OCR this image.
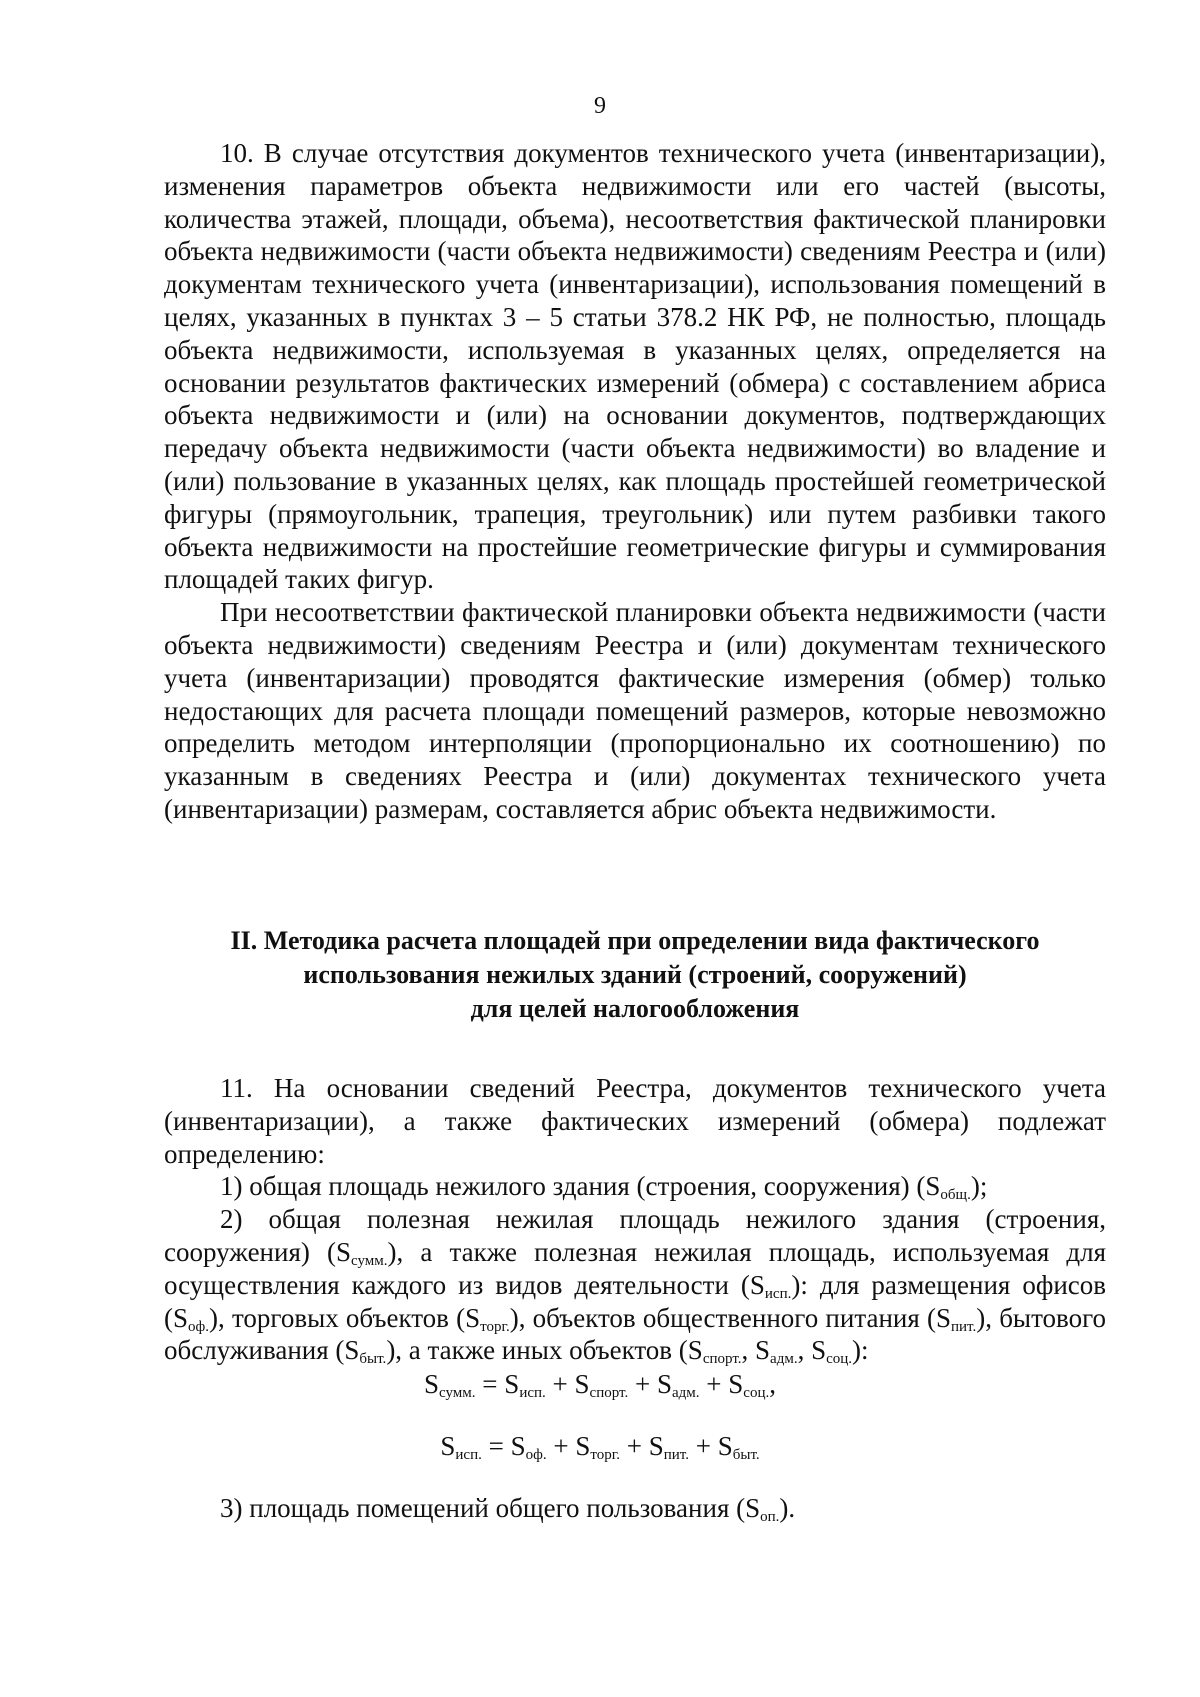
9

10. В случае отсутствия документов технического учета (инвентаризации), изменения параметров объекта недвижимости или его частей (высоты, количества этажей, площади, объема), несоответствия фактической планировки объекта недвижимости (части объекта недвижимости) сведениям Реестра и (или) документам технического учета (инвентаризации), использования помещений в целях, указанных в пунктах 3 – 5 статьи 378.2 НК РФ, не полностью, площадь объекта недвижимости, используемая в указанных целях, определяется на основании результатов фактических измерений (обмера) с составлением абриса объекта недвижимости и (или) на основании документов, подтверждающих передачу объекта недвижимости (части объекта недвижимости) во владение и (или) пользование в указанных целях, как площадь простейшей геометрической фигуры (прямоугольник, трапеция, треугольник) или путем разбивки такого объекта недвижимости на простейшие геометрические фигуры и суммирования площадей таких фигур.

При несоответствии фактической планировки объекта недвижимости (части объекта недвижимости) сведениям Реестра и (или) документам технического учета (инвентаризации) проводятся фактические измерения (обмер) только недостающих для расчета площади помещений размеров, которые невозможно определить методом интерполяции (пропорционально их соотношению) по указанным в сведениях Реестра и (или) документах технического учета (инвентаризации) размерам, составляется абрис объекта недвижимости.

II. Методика расчета площадей при определении вида фактического
использования нежилых зданий (строений, сооружений)
для целей налогообложения

11. На основании сведений Реестра, документов технического учета (инвентаризации), а также фактических измерений (обмера) подлежат определению:

1) общая площадь нежилого здания (строения, сооружения) $(S_{общ.})$;

2) общая полезная нежилая площадь нежилого здания (строения, сооружения) $(S_{сумм.})$, а также полезная нежилая площадь, используемая для осуществления каждого из видов деятельности $(S_{исп.})$: для размещения офисов $(S_{оф.})$, торговых объектов $(S_{торг.})$, объектов общественного питания $(S_{пит.})$, бытового обслуживания $(S_{быт.})$, а также иных объектов ($S_{спорт.}$, $S_{адм.}$, $S_{соц.}$):

$S_{сумм.} = S_{исп.} + S_{спорт.} + S_{адм.} + S_{соц.}$,
$S_{исп.} = S_{оф.} + S_{торг.} + S_{пит.} + S_{быт.}$

3) площадь помещений общего пользования $(S_{оп.})$.
